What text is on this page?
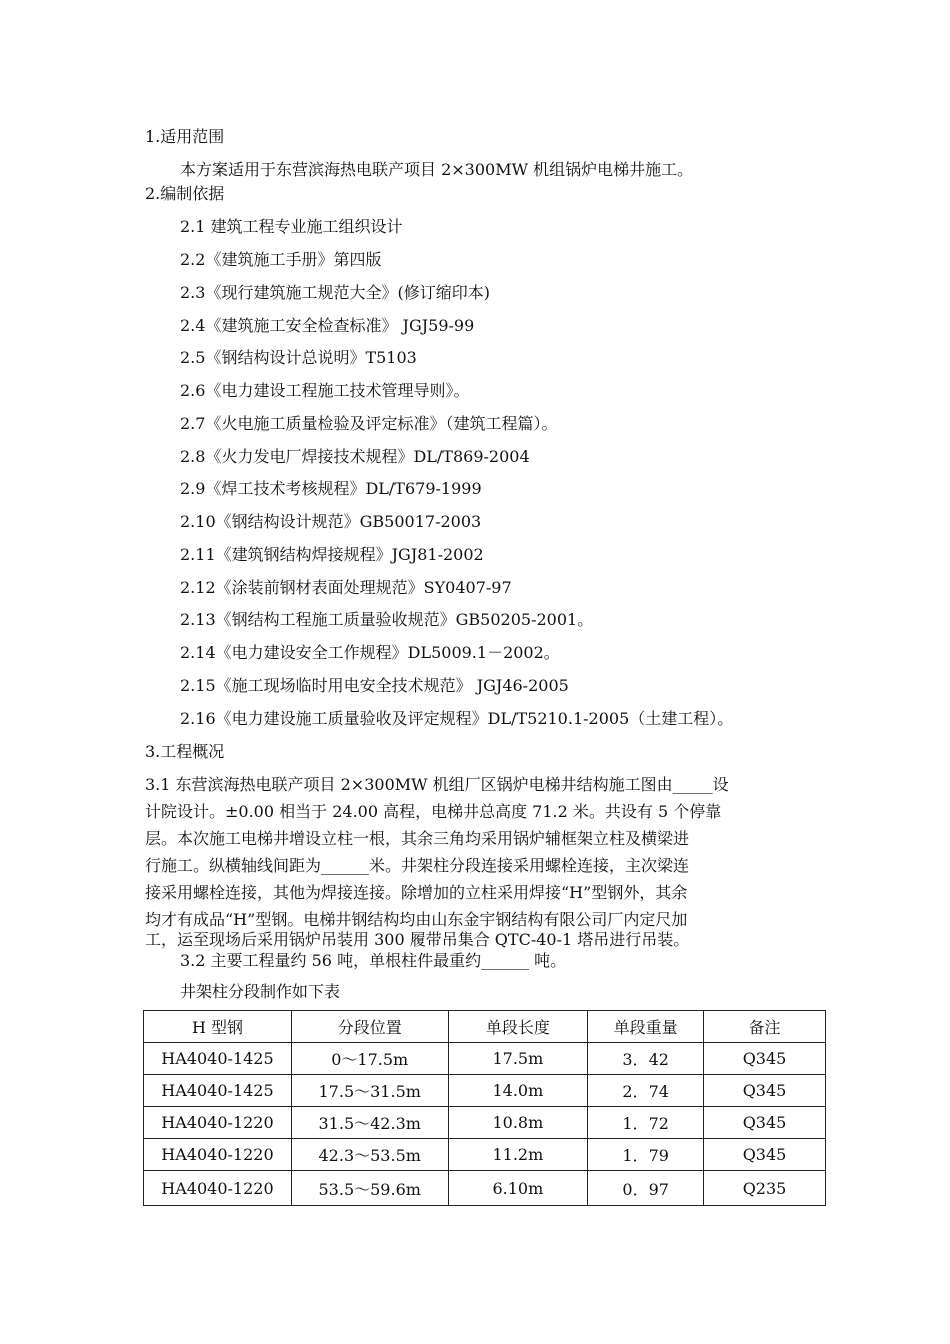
1.适用范围
本方案适用于东营滨海热电联产项目 2×300MW 机组锅炉电梯井施工。
2.编制依据
2.1 建筑工程专业施工组织设计
2.2《建筑施工手册》第四版
2.3《现行建筑施工规范大全》(修订缩印本)
2.4《建筑施工安全检查标准》 JGJ59-99
2.5《钢结构设计总说明》T5103
2.6《电力建设工程施工技术管理导则》。
2.7《火电施工质量检验及评定标准》（建筑工程篇）。
2.8《火力发电厂焊接技术规程》DL/T869-2004
2.9《焊工技术考核规程》DL/T679-1999
2.10《钢结构设计规范》GB50017-2003
2.11《建筑钢结构焊接规程》JGJ81-2002
2.12《涂装前钢材表面处理规范》SY0407-97
2.13《钢结构工程施工质量验收规范》GB50205-2001。
2.14《电力建设安全工作规程》DL5009.1－2002。
2.15《施工现场临时用电安全技术规范》 JGJ46-2005
2.16《电力建设施工质量验收及评定规程》DL/T5210.1-2005（土建工程）。
3.工程概况
3.1 东营滨海热电联产项目 2×300MW 机组厂区锅炉电梯井结构施工图由_____设
计院设计。±0.00 相当于 24.00 高程，电梯井总高度 71.2 米。共设有 5 个停靠
层。本次施工电梯井增设立柱一根，其余三角均采用锅炉辅框架立柱及横梁进
行施工。纵横轴线间距为______米。井架柱分段连接采用螺栓连接，主次梁连
接采用螺栓连接，其他为焊接连接。除增加的立柱采用焊接“H”型钢外，其余
均才有成品“H”型钢。电梯井钢结构均由山东金宇钢结构有限公司厂内定尺加
工，运至现场后采用锅炉吊装用 300 履带吊集合 QTC-40-1 塔吊进行吊装。
3.2 主要工程量约 56 吨，单根柱件最重约______ 吨。
井架柱分段制作如下表
H 型钢	分段位置	单段长度	单段重量	备注
HA4040-1425	0～17.5m	17.5m	3．42	Q345
HA4040-1425	17.5～31.5m	14.0m	2．74	Q345
HA4040-1220	31.5～42.3m	10.8m	1．72	Q345
HA4040-1220	42.3～53.5m	11.2m	1．79	Q345
HA4040-1220	53.5～59.6m	6.10m	0．97	Q235
